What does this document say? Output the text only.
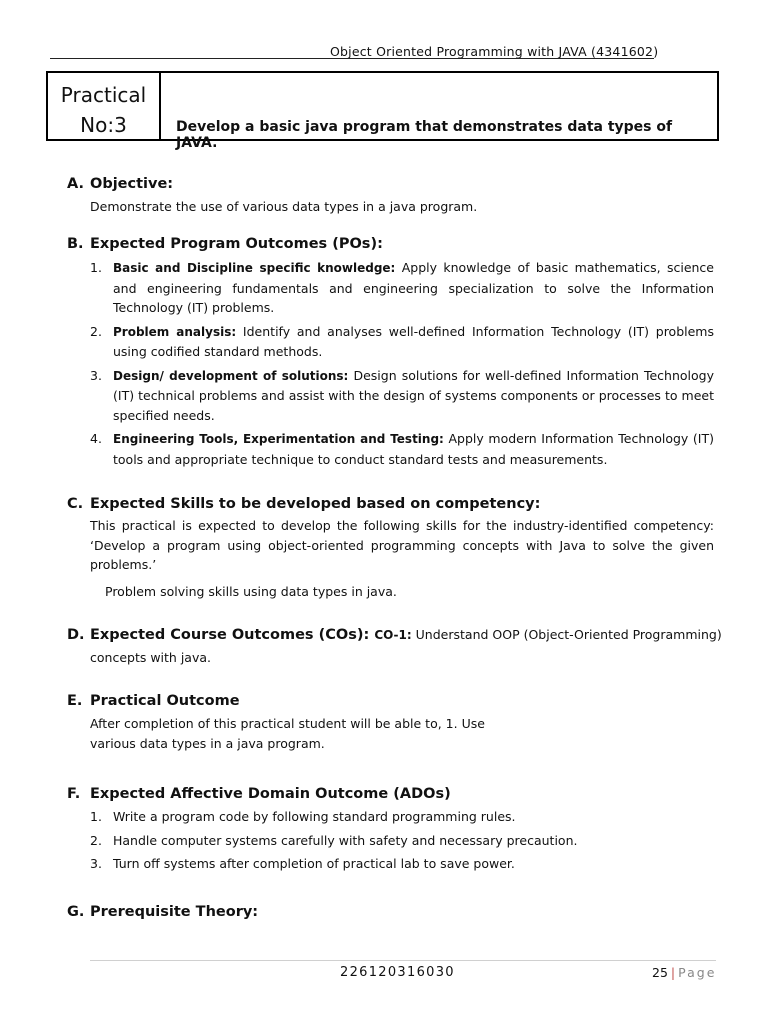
Object Oriented Programming with JAVA (4341602)
Practical
No:3	Develop a basic java program that demonstrates data types of JAVA.
A. Objective:
Demonstrate the use of various data types in a java program.
B. Expected Program Outcomes (POs):
1. Basic and Discipline specific knowledge: Apply knowledge of basic mathematics, science and engineering fundamentals and engineering specialization to solve the Information Technology (IT) problems.
2. Problem analysis: Identify and analyses well-defined Information Technology (IT) problems using codified standard methods.
3. Design/ development of solutions: Design solutions for well-defined Information Technology (IT) technical problems and assist with the design of systems components or processes to meet specified needs.
4. Engineering Tools, Experimentation and Testing: Apply modern Information Technology (IT) tools and appropriate technique to conduct standard tests and measurements.
C. Expected Skills to be developed based on competency:
This practical is expected to develop the following skills for the industry-identified competency: ‘Develop a program using object-oriented programming concepts with Java to solve the given problems.’
Problem solving skills using data types in java.
D. Expected Course Outcomes (COs): CO-1: Understand OOP (Object-Oriented Programming)
concepts with java.
E. Practical Outcome
After completion of this practical student will be able to, 1. Use
various data types in a java program.
F. Expected Affective Domain Outcome (ADOs)
1. Write a program code by following standard programming rules.
2. Handle computer systems carefully with safety and necessary precaution.
3. Turn off systems after completion of practical lab to save power.
G. Prerequisite Theory:
226120316030	25 | Page
